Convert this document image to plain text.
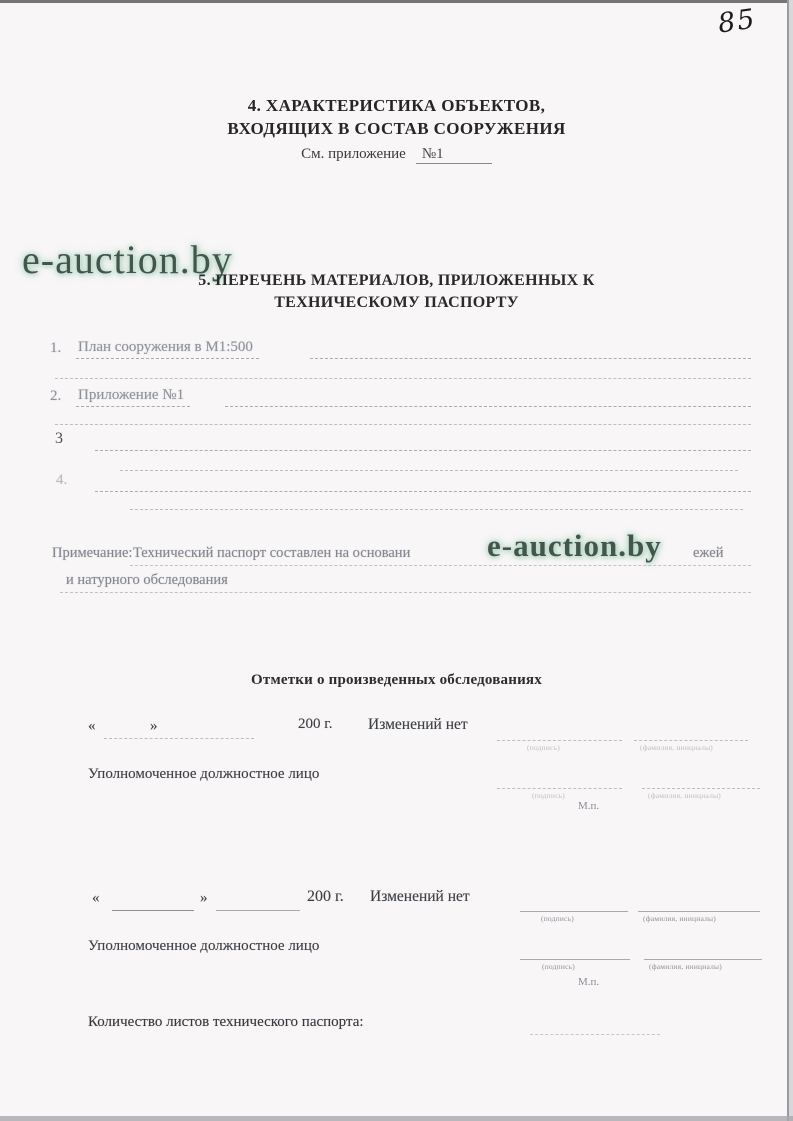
85
4. ХАРАКТЕРИСТИКА ОБЪЕКТОВ,
ВХОДЯЩИХ В СОСТАВ СООРУЖЕНИЯ
См. приложение №1
e-auction.by
5. ПЕРЕЧЕНЬ МАТЕРИАЛОВ, ПРИЛОЖЕННЫХ К
ТЕХНИЧЕСКОМУ ПАСПОРТУ
1. План сооружения в М1:500
2. Приложение №1
3
4.
Примечание: Технический паспорт составлен на основани	ежей
и натурного обследования
e-auction.by
Отметки о произведенных обследованиях
«	»	200 г. Изменений нет
(подпись)	(фамилия, инициалы)
Уполномоченное должностное лицо
(подпись)	(фамилия, инициалы)
М.п.
«	»	200 г. Изменений нет
(подпись)	(фамилия, инициалы)
Уполномоченное должностное лицо
(подпись)	(фамилия, инициалы)
М.п.
Количество листов технического паспорта:
